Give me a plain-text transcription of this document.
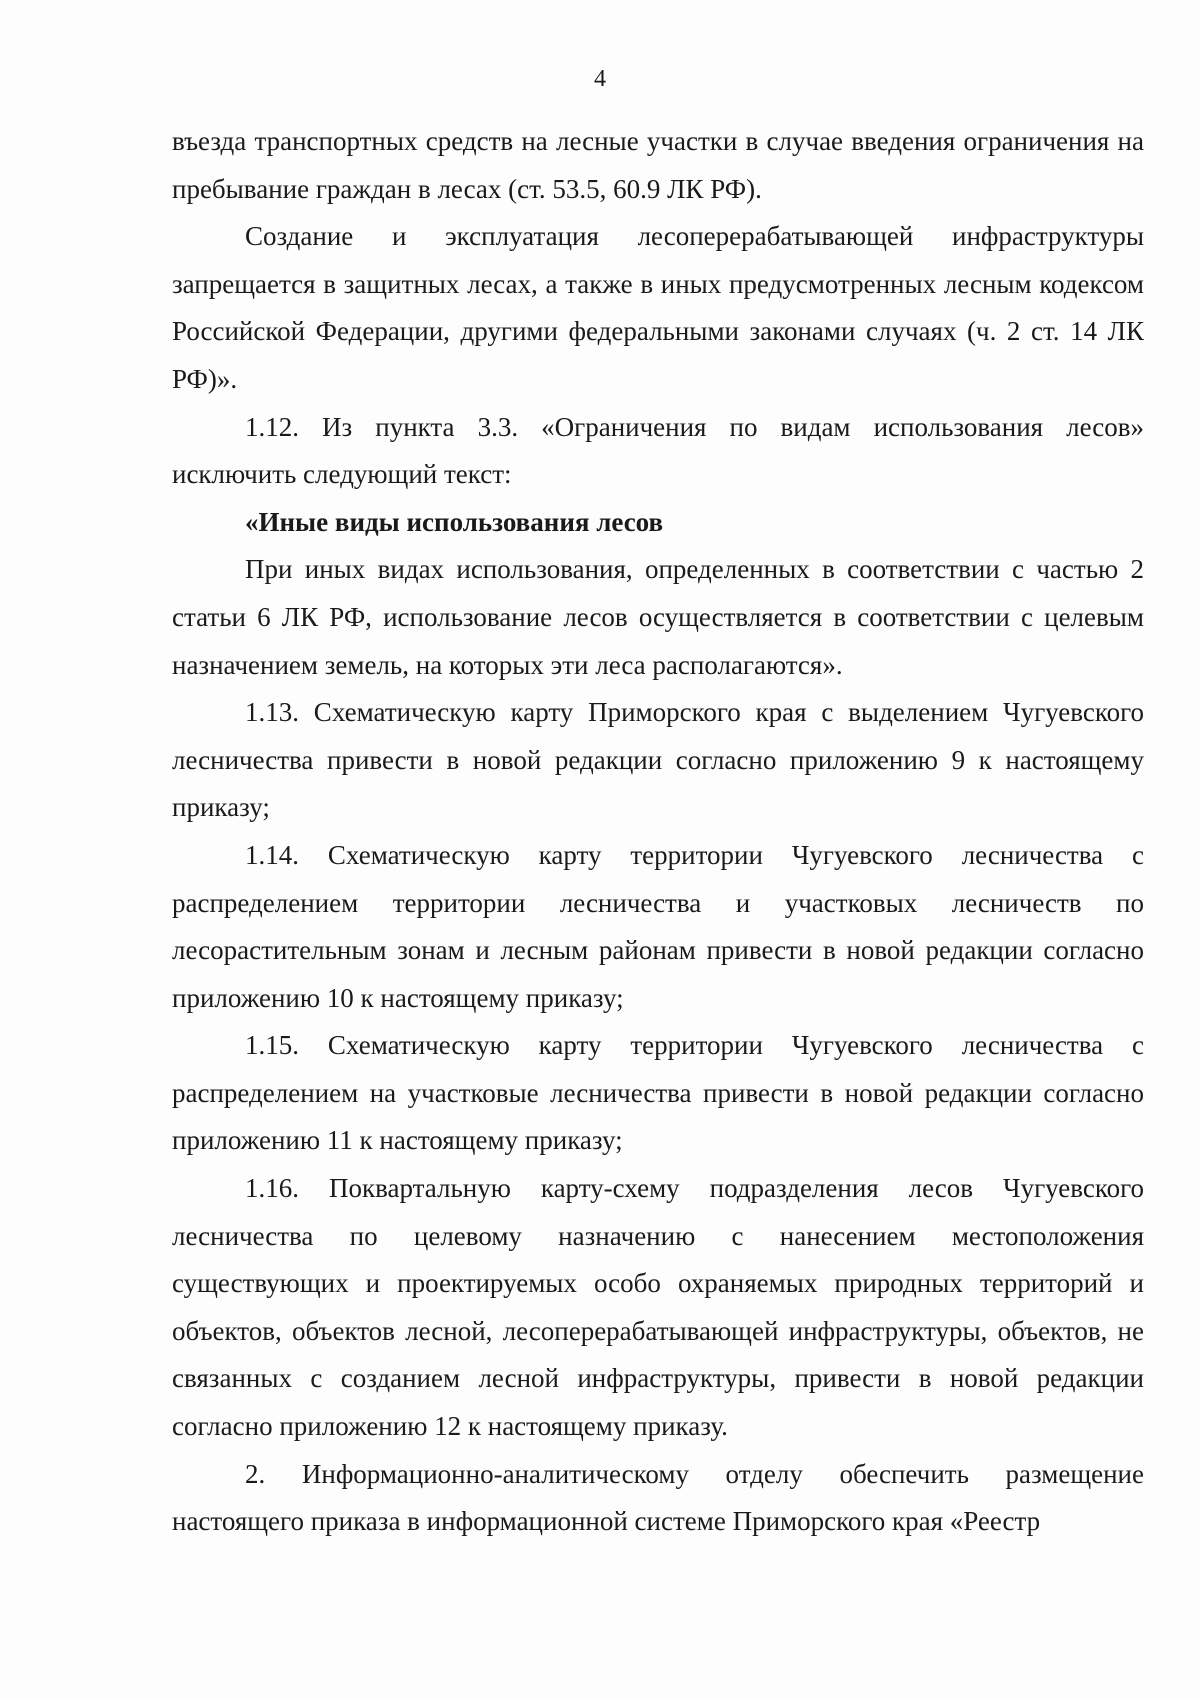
4

въезда транспортных средств на лесные участки в случае введения ограничения на пребывание граждан в лесах (ст. 53.5, 60.9 ЛК РФ).

Создание и эксплуатация лесоперерабатывающей инфраструктуры запрещается в защитных лесах, а также в иных предусмотренных лесным кодексом Российской Федерации, другими федеральными законами случаях (ч. 2 ст. 14 ЛК РФ)».

1.12. Из пункта 3.3. «Ограничения по видам использования лесов» исключить следующий текст:

«Иные виды использования лесов

При иных видах использования, определенных в соответствии с частью 2 статьи 6 ЛК РФ, использование лесов осуществляется в соответствии с целевым назначением земель, на которых эти леса располагаются».

1.13. Схематическую карту Приморского края с выделением Чугуевского лесничества привести в новой редакции согласно приложению 9 к настоящему приказу;

1.14. Схематическую карту территории Чугуевского лесничества с распределением территории лесничества и участковых лесничеств по лесорастительным зонам и лесным районам привести в новой редакции согласно приложению 10 к настоящему приказу;

1.15. Схематическую карту территории Чугуевского лесничества с распределением на участковые лесничества привести в новой редакции согласно приложению 11 к настоящему приказу;

1.16. Поквартальную карту-схему подразделения лесов Чугуевского лесничества по целевому назначению с нанесением местоположения существующих и проектируемых особо охраняемых природных территорий и объектов, объектов лесной, лесоперерабатывающей инфраструктуры, объектов, не связанных с созданием лесной инфраструктуры, привести в новой редакции согласно приложению 12 к настоящему приказу.

2. Информационно-аналитическому отделу обеспечить размещение настоящего приказа в информационной системе Приморского края «Реестр
